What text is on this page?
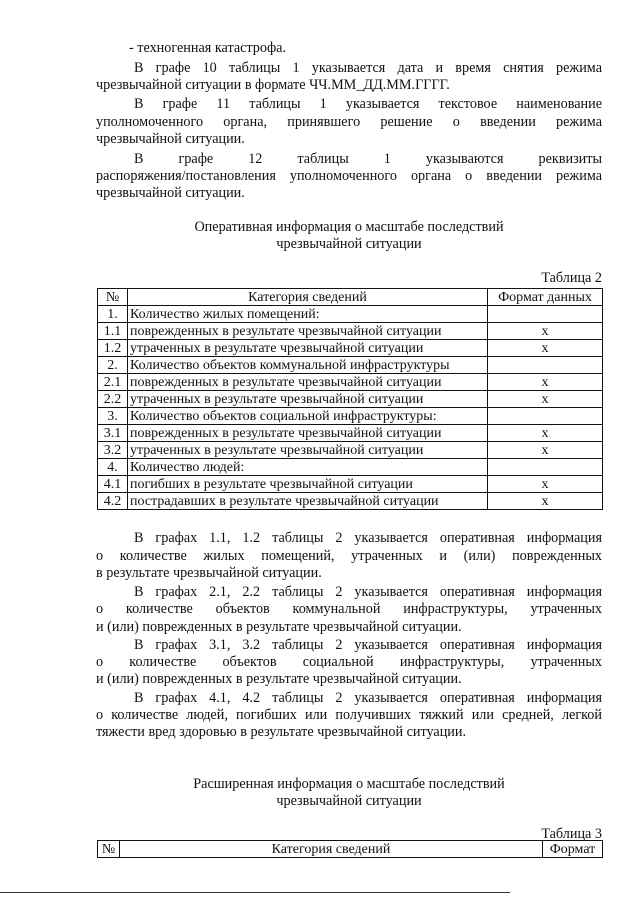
- техногенная катастрофа.
В графе 10 таблицы 1 указывается дата и время снятия режима
чрезвычайной ситуации в формате ЧЧ.ММ_ДД.ММ.ГГГГ.
В графе 11 таблицы 1 указывается текстовое наименование
уполномоченного органа, принявшего решение о введении режима
чрезвычайной ситуации.
В графе 12 таблицы 1 указываются реквизиты
распоряжения/постановления уполномоченного органа о введении режима
чрезвычайной ситуации.
Оперативная информация о масштабе последствий
чрезвычайной ситуации
Таблица 2
№	Категория сведений	Формат данных
1.	Количество жилых помещений:	
1.1	поврежденных в результате чрезвычайной ситуации	x
1.2	утраченных в результате чрезвычайной ситуации	x
2.	Количество объектов коммунальной инфраструктуры	
2.1	поврежденных в результате чрезвычайной ситуации	x
2.2	утраченных в результате чрезвычайной ситуации	x
3.	Количество объектов социальной инфраструктуры:	
3.1	поврежденных в результате чрезвычайной ситуации	x
3.2	утраченных в результате чрезвычайной ситуации	x
4.	Количество людей:	
4.1	погибших в результате чрезвычайной ситуации	x
4.2	пострадавших в результате чрезвычайной ситуации	x
В графах 1.1, 1.2 таблицы 2 указывается оперативная информация
о количестве жилых помещений, утраченных и (или) поврежденных
в результате чрезвычайной ситуации.
В графах 2.1, 2.2 таблицы 2 указывается оперативная информация
о количестве объектов коммунальной инфраструктуры, утраченных
и (или) поврежденных в результате чрезвычайной ситуации.
В графах 3.1, 3.2 таблицы 2 указывается оперативная информация
о количестве объектов социальной инфраструктуры, утраченных
и (или) поврежденных в результате чрезвычайной ситуации.
В графах 4.1, 4.2 таблицы 2 указывается оперативная информация
о количестве людей, погибших или получивших тяжкий или средней, легкой
тяжести вред здоровью в результате чрезвычайной ситуации.
Расширенная информация о масштабе последствий
чрезвычайной ситуации
Таблица 3
№	Категория сведений	Формат
